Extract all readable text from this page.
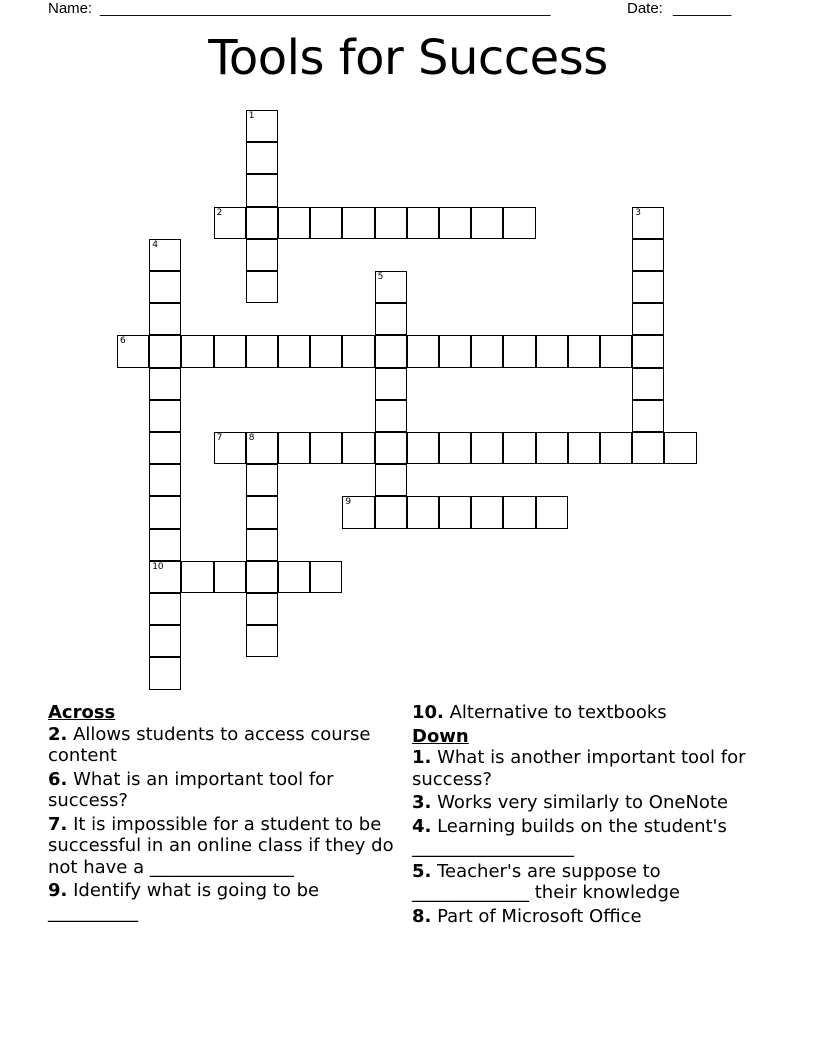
Name: ______________________________________________________	Date: _______
Tools for Success
1
2	3
4
10
5
6
7	8
9
Across
2. Allows students to access course content
6. What is an important tool for success?
7. It is impossible for a student to be successful in an online class if they do not have a ________________
9. Identify what is going to be __________
10. Alternative to textbooks
Down
1. What is another important tool for success?
3. Works very similarly to OneNote
4. Learning builds on the student's __________________
5. Teacher's are suppose to _____________ their knowledge
8. Part of Microsoft Office
